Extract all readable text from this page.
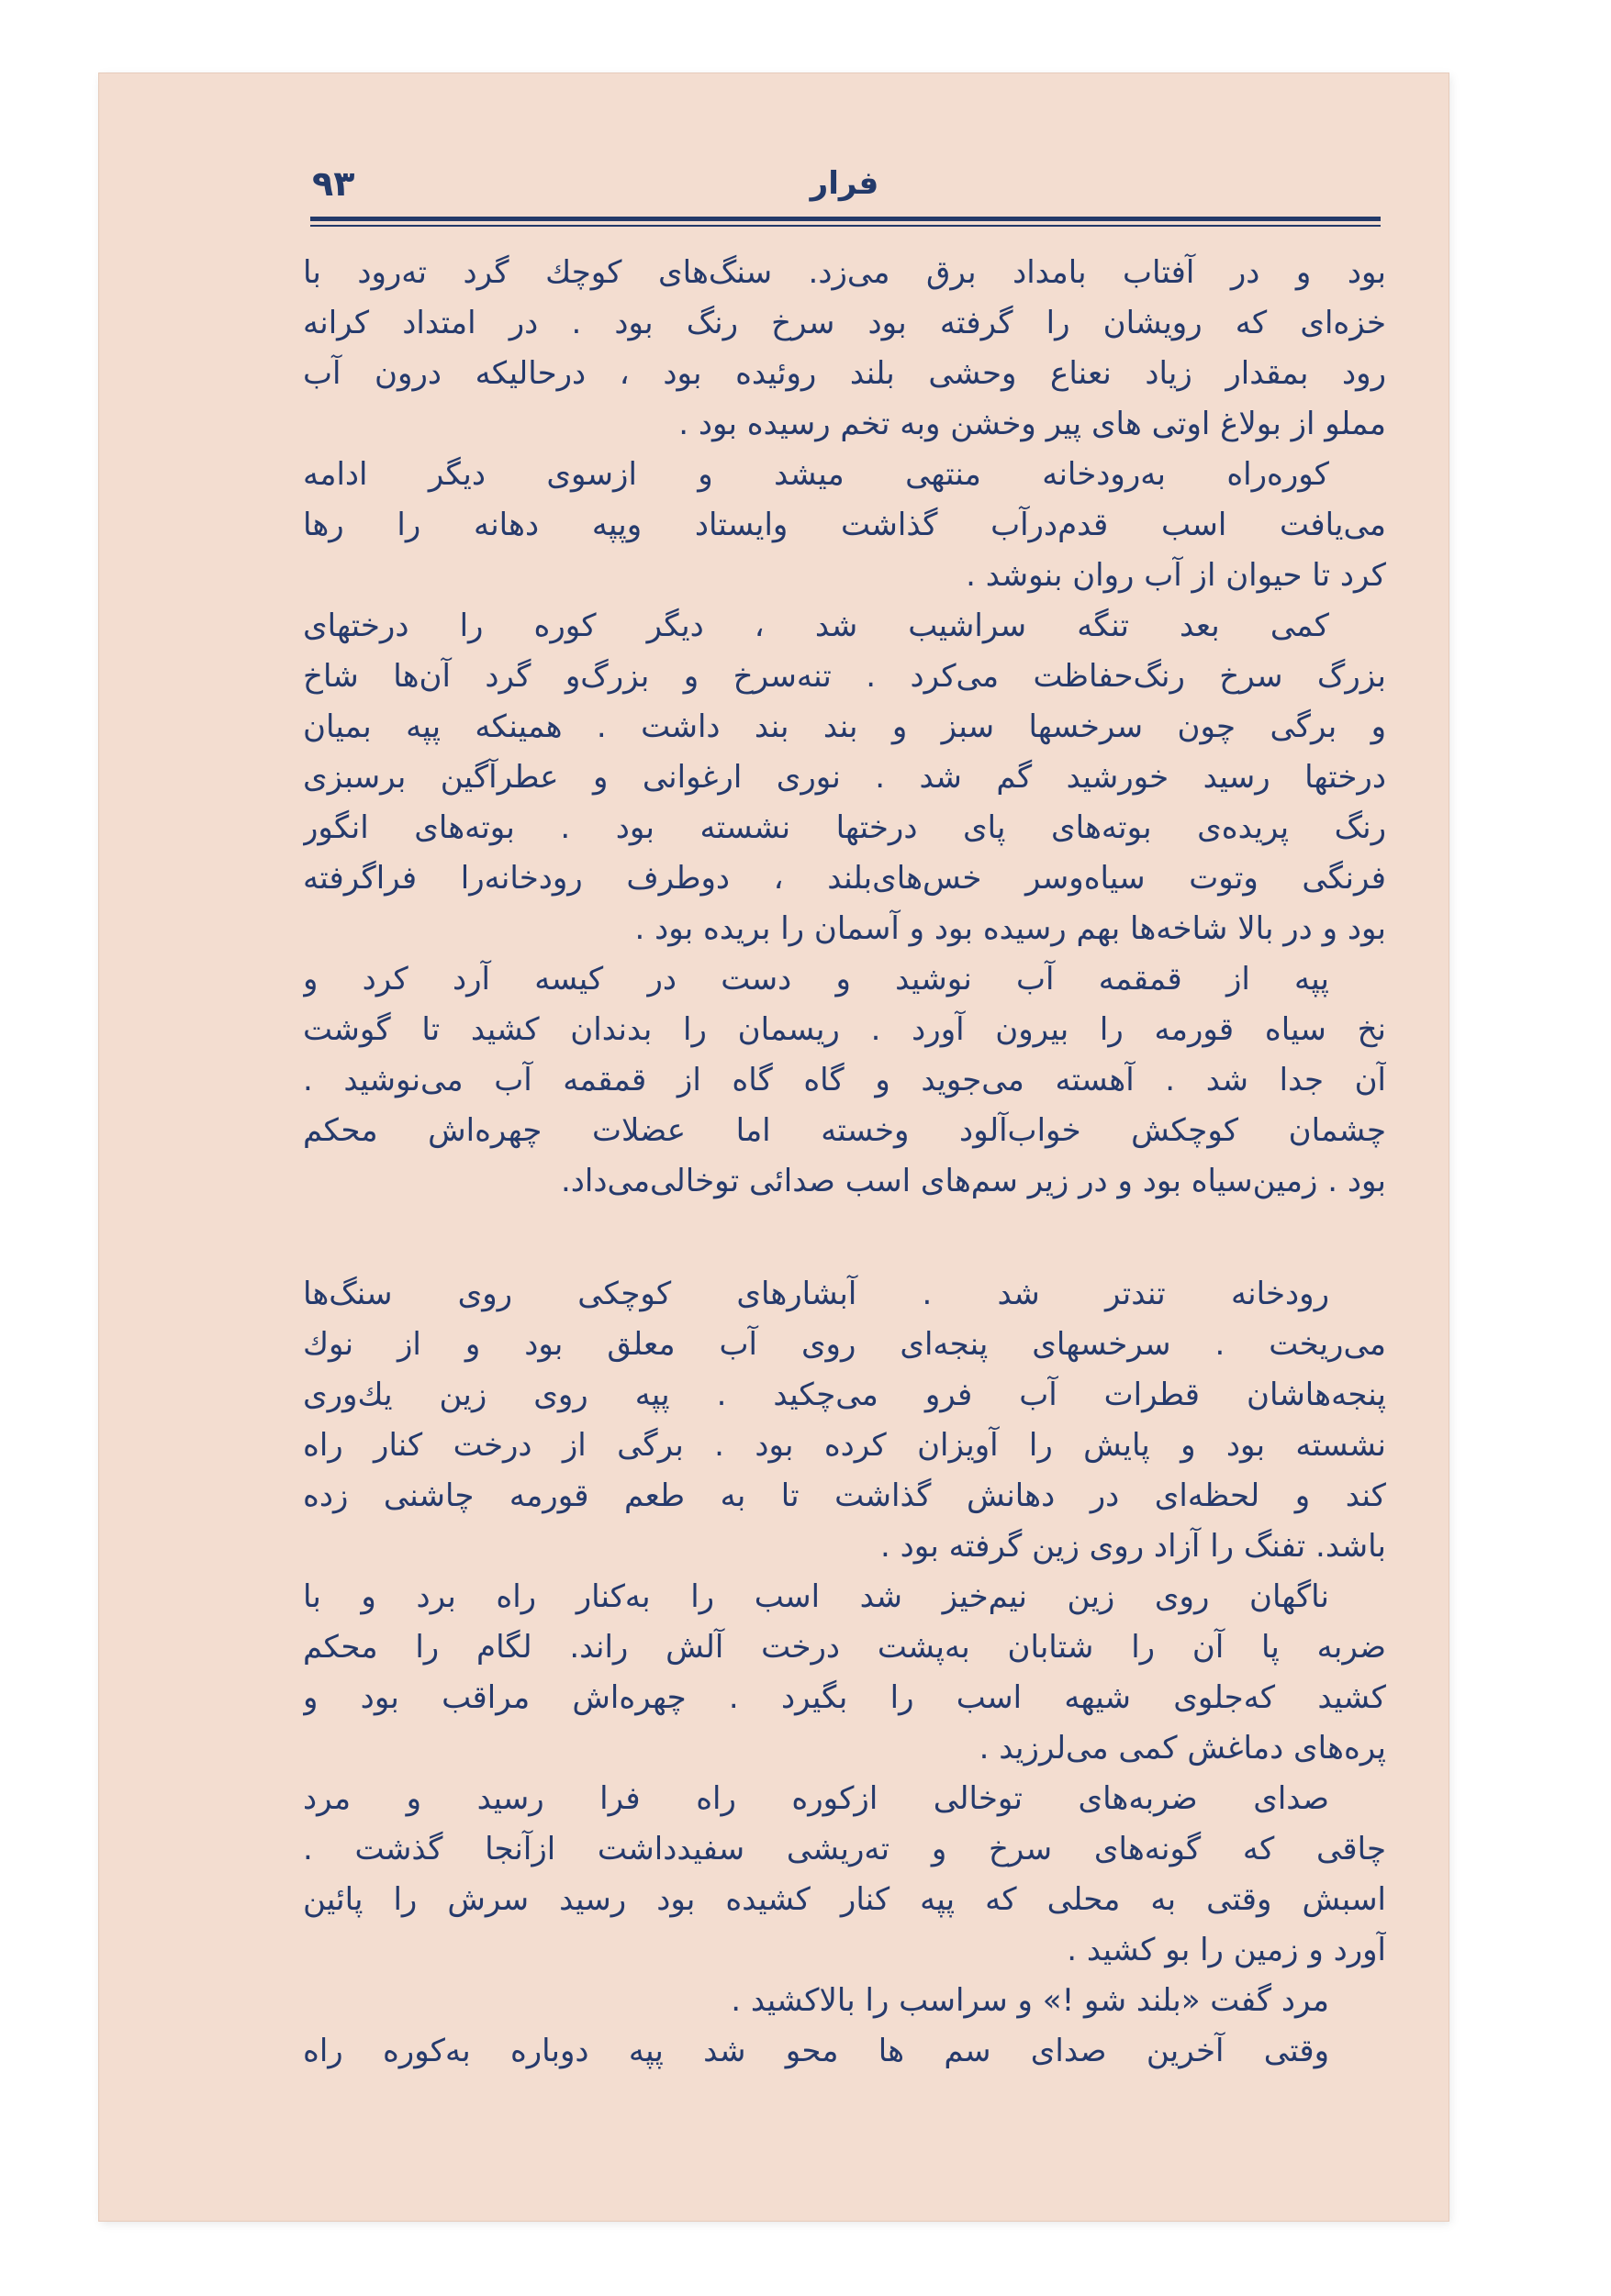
۹۳	فرار
بود و در آفتاب بامداد برق می‌زد. سنگ‌های کوچك گرد ته‌رود با
خزه‌ای که رویشان را گرفته بود سرخ رنگ بود . در امتداد کرانه
رود بمقدار زیاد نعناع وحشی بلند روئیده بود ، درحالیکه درون آب
مملو از بولاغ اوتی های پیر وخشن وبه تخم رسیده بود .
کوره‌راه به‌رودخانه منتهی میشد و ازسوی دیگر ادامه
می‌یافت اسب قدم‌درآب گذاشت وایستاد وپپه دهانه را رها
کرد تا حیوان از آب روان بنوشد .
کمی بعد تنگه سراشیب شد ، دیگر کوره را درختهای
بزرگ سرخ رنگ‌حفاظت می‌کرد . تنه‌سرخ و بزرگ‌و گرد آن‌ها شاخ
و برگی چون سرخسها سبز و بند بند داشت . همینکه پپه بمیان
درختها رسید خورشید گم شد . نوری ارغوانی و عطرآگین برسبزی
رنگ پریده‌ی بوته‌های پای درختها نشسته بود . بوته‌های انگور
فرنگی وتوت سیاه‌وسر خس‌های‌بلند ، دوطرف رودخانه‌را فراگرفته
بود و در بالا شاخه‌ها بهم رسیده بود و آسمان را بریده بود .
پپه از قمقمه آب نوشید و دست در کیسه آرد کرد و
نخ سیاه قورمه را بیرون آورد . ریسمان را بدندان کشید تا گوشت
آن جدا شد . آهسته می‌جوید و گاه گاه از قمقمه آب می‌نوشید .
چشمان کوچکش خواب‌آلود وخسته اما عضلات چهره‌اش محکم
بود . زمین‌سیاه بود و در زیر سم‌های اسب صدائی توخالی‌می‌داد.
رودخانه تندتر شد . آبشارهای کوچکی روی سنگ‌ها
می‌ریخت . سرخسهای پنجه‌ای روی آب معلق بود و از نوك
پنجه‌هاشان قطرات آب فرو می‌چکید . پپه روی زین یك‌وری
نشسته بود و پایش را آویزان کرده بود . برگی از درخت کنار راه
کند و لحظه‌ای در دهانش گذاشت تا به طعم قورمه چاشنی زده
باشد. تفنگ را آزاد روی زین گرفته بود .
ناگهان روی زین نیم‌خیز شد اسب را به‌کنار راه برد و با
ضربه پا آن را شتابان به‌پشت درخت آلش راند. لگام را محکم
کشید که‌جلوی شیهه اسب را بگیرد . چهره‌اش مراقب بود و
پره‌های دماغش کمی می‌لرزید .
صدای ضربه‌های توخالی ازکوره راه فرا رسید و مرد
چاقی که گونه‌های سرخ و ته‌ریشی سفیدداشت ازآنجا گذشت .
اسبش وقتی به محلی که پپه کنار کشیده بود رسید سرش را پائین
آورد و زمین را بو کشید .
مرد گفت «بلند شو !» و سراسب را بالاکشید .
وقتی آخرین صدای سم ها محو شد پپه دوباره به‌کوره راه
